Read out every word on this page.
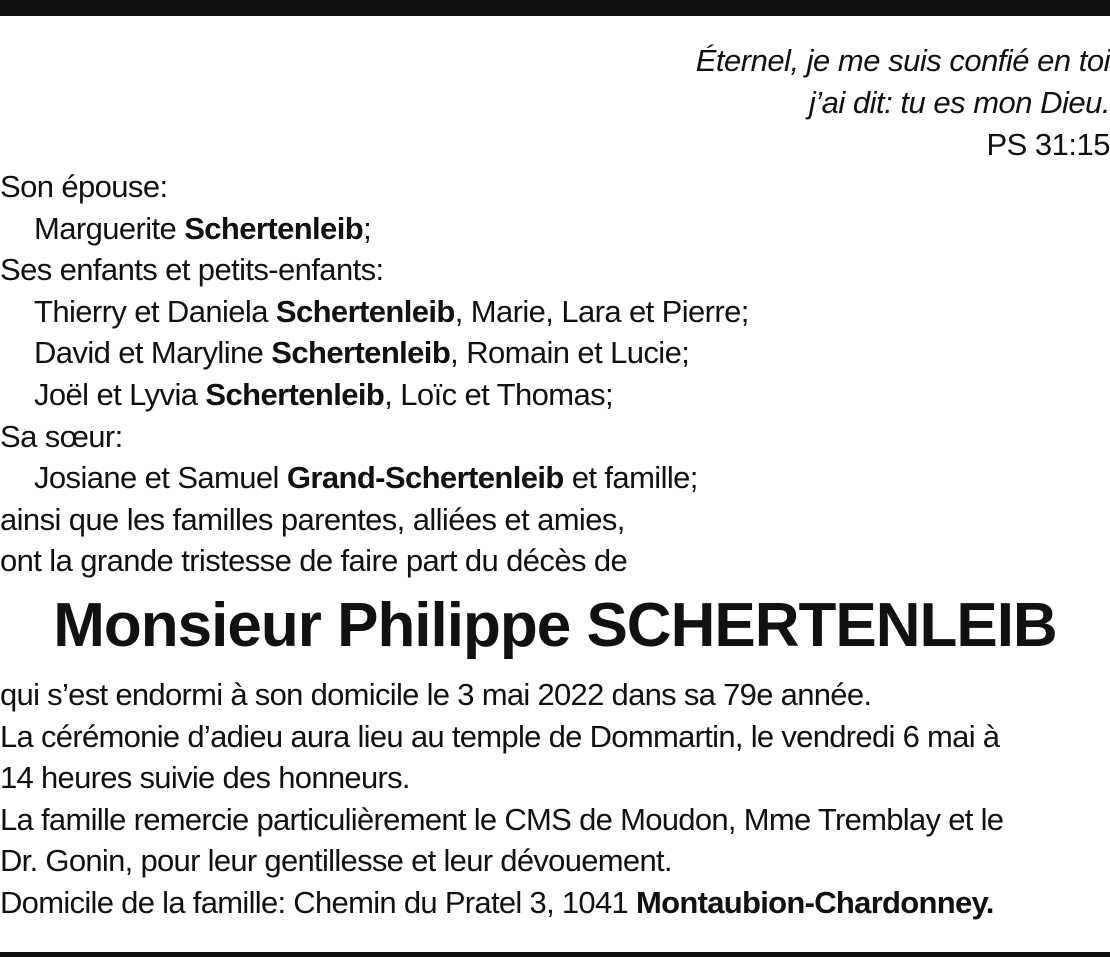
Éternel, je me suis confié en toi
j’ai dit: tu es mon Dieu.
PS 31:15
Son épouse:
Marguerite Schertenleib;
Ses enfants et petits-enfants:
Thierry et Daniela Schertenleib, Marie, Lara et Pierre;
David et Maryline Schertenleib, Romain et Lucie;
Joël et Lyvia Schertenleib, Loïc et Thomas;
Sa sœur:
Josiane et Samuel Grand-Schertenleib et famille;
ainsi que les familles parentes, alliées et amies,
ont la grande tristesse de faire part du décès de
Monsieur Philippe SCHERTENLEIB
qui s’est endormi à son domicile le 3 mai 2022 dans sa 79e année.
La cérémonie d’adieu aura lieu au temple de Dommartin, le vendredi 6 mai à
14 heures suivie des honneurs.
La famille remercie particulièrement le CMS de Moudon, Mme Tremblay et le
Dr. Gonin, pour leur gentillesse et leur dévouement.
Domicile de la famille: Chemin du Pratel 3, 1041 Montaubion-Chardonney.
